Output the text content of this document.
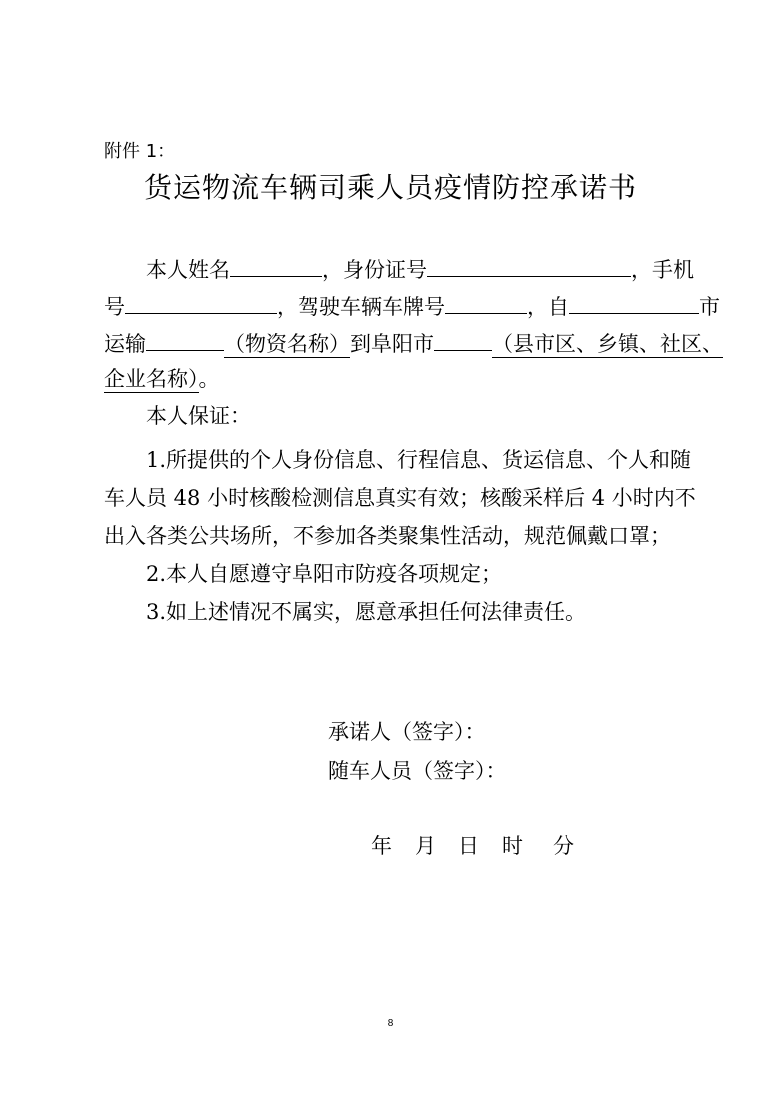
附件 1：
货运物流车辆司乘人员疫情防控承诺书
本人姓名	，身份证号	，手机
号	，驾驶车辆车牌号	，自	市
运输	（物资名称）到阜阳市	（县市区、乡镇、社区、
企业名称）。
本人保证：
1.所提供的个人身份信息、行程信息、货运信息、个人和随
车人员 48 小时核酸检测信息真实有效；核酸采样后 4 小时内不
出入各类公共场所，不参加各类聚集性活动，规范佩戴口罩；
2.本人自愿遵守阜阳市防疫各项规定；
3.如上述情况不属实，愿意承担任何法律责任。
承诺人（签字）：
随车人员（签字）：
年 月 日 时 分
8
